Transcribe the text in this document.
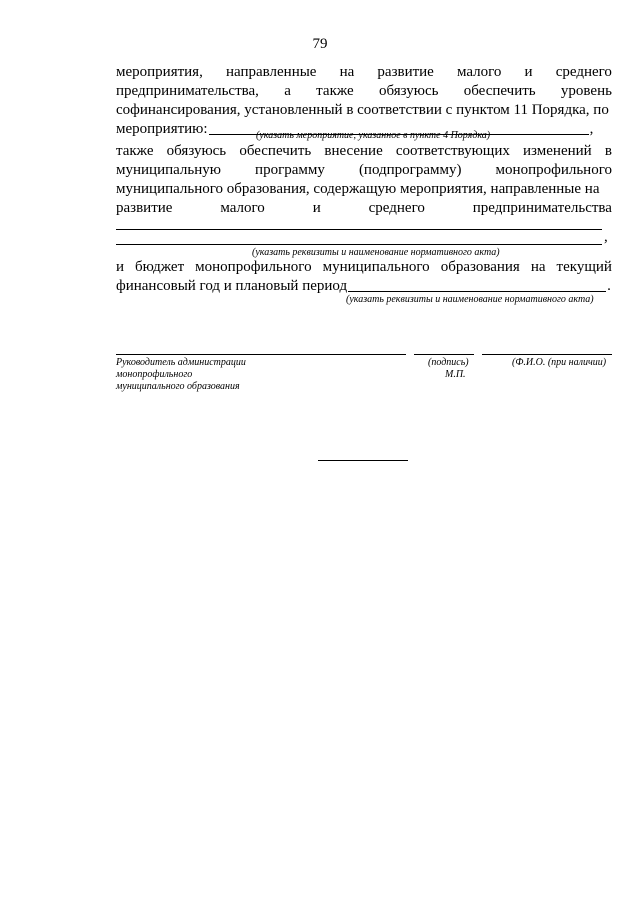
79
мероприятия, направленные на развитие малого и среднего
предпринимательства, а также обязуюсь обеспечить уровень
софинансирования, установленный в соответствии с пунктом 11 Порядка, по
мероприятию:	,
(указать мероприятие, указанное в пункте 4 Порядка)
также обязуюсь обеспечить внесение соответствующих изменений в
муниципальную программу (подпрограмму) монопрофильного
муниципального образования, содержащую мероприятия, направленные на
развитие	малого	и	среднего	предпринимательства
,
(указать реквизиты и наименование нормативного акта)
и бюджет монопрофильного муниципального образования на текущий
финансовый год и плановый период	.
(указать реквизиты и наименование нормативного акта)
Руководитель администрации
монопрофильного
муниципального образования
(подпись)
М.П.
(Ф.И.О. (при наличии)
